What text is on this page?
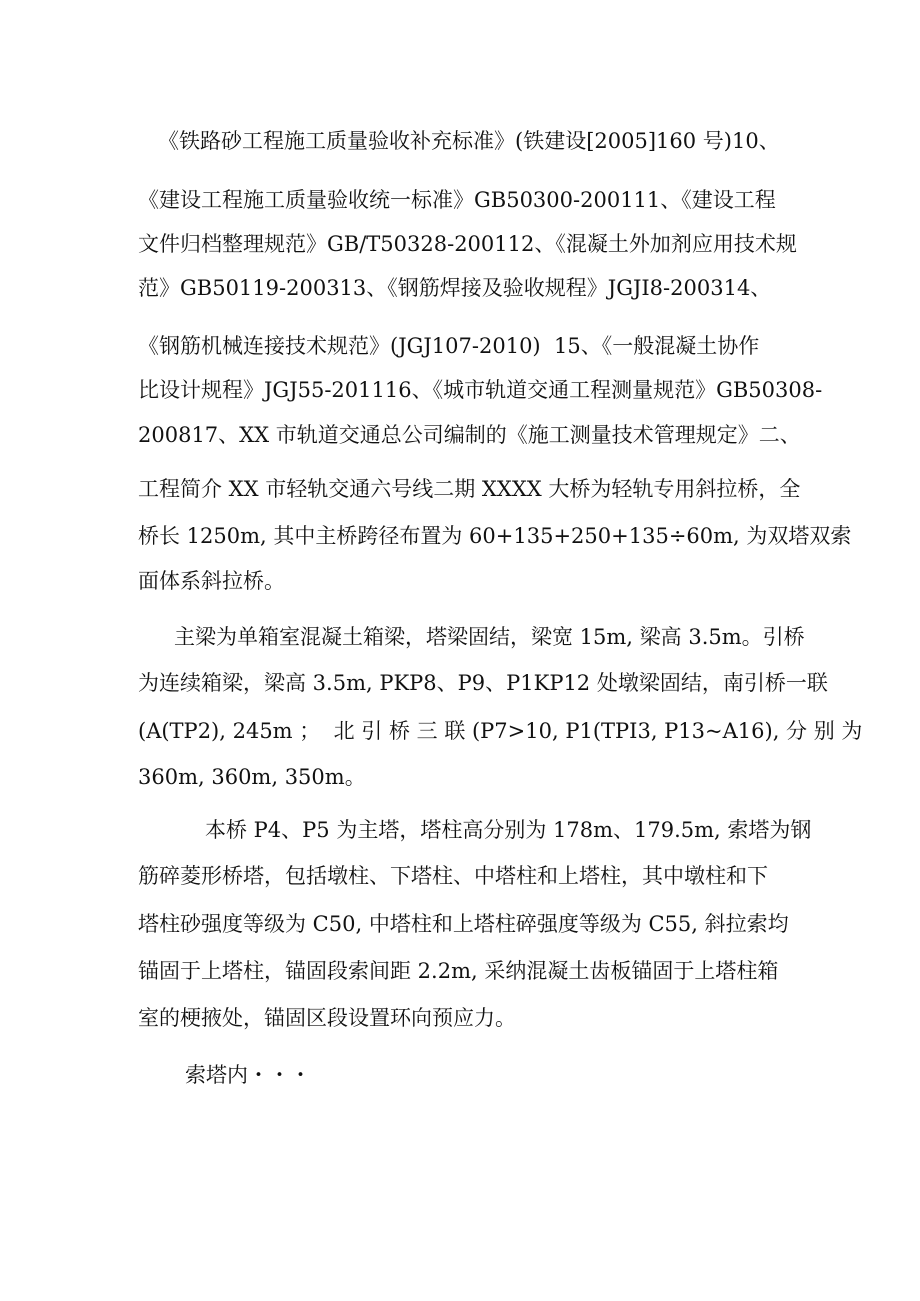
《铁路砂工程施工质量验收补充标准》(铁建设[2005]160 号)10、
《建设工程施工质量验收统一标准》GB50300-200111、《建设工程
文件归档整理规范》GB/T50328-200112、《混凝土外加剂应用技术规
范》GB50119-200313、《钢筋焊接及验收规程》JGJI8-200314、
《钢筋机械连接技术规范》(JGJ107-2010)  15、《一般混凝土协作
比设计规程》JGJ55-201116、《城市轨道交通工程测量规范》GB50308-
200817、XX 市轨道交通总公司编制的《施工测量技术管理规定》二、
工程简介 XX 市轻轨交通六号线二期 XXXX 大桥为轻轨专用斜拉桥，全
桥长 1250m, 其中主桥跨径布置为 60+135+250+135÷60m, 为双塔双索
面体系斜拉桥。
主梁为单箱室混凝土箱梁，塔梁固结，梁宽 15m, 梁高 3.5m。引桥
为连续箱梁，梁高 3.5m, PKP8、P9、P1KP12 处墩梁固结，南引桥一联
(A(TP2), 245m ；  北 引 桥 三 联 (P7>10, P1(TPI3, P13~A16), 分 别 为
360m, 360m, 350m。
本桥 P4、P5 为主塔，塔柱高分别为 178m、179.5m, 索塔为钢
筋碎菱形桥塔，包括墩柱、下塔柱、中塔柱和上塔柱，其中墩柱和下
塔柱砂强度等级为 C50, 中塔柱和上塔柱碎强度等级为 C55, 斜拉索均
锚固于上塔柱，锚固段索间距 2.2m, 采纳混凝土齿板锚固于上塔柱箱
室的梗掖处，锚固区段设置环向预应力。
索塔内・・・
